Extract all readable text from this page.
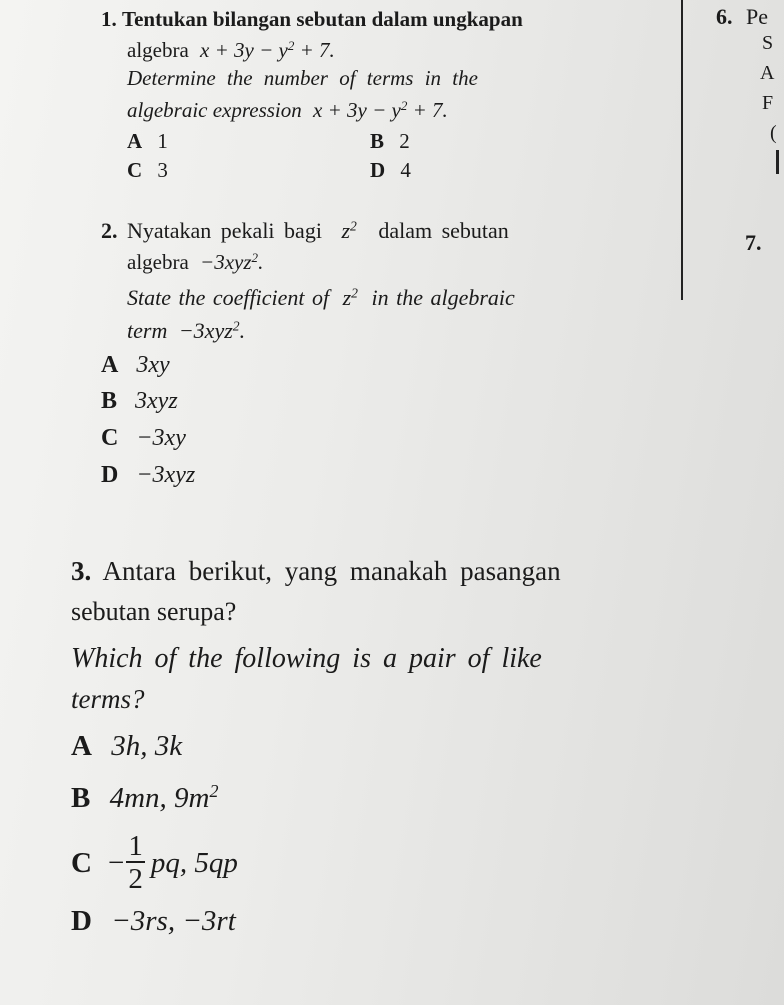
1. Tentukan bilangan sebutan dalam ungkapan
algebra $x + 3y - y^2 + 7$.
Determine the number of terms in the
algebraic expression $x + 3y - y^2 + 7$.
A 1	B 2
C 3	D 4
2. Nyatakan pekali bagi $z^2$ dalam sebutan
algebra −3xyz$^2$.
State the coefficient of $z^2$ in the algebraic
term −3xyz$^2$.
A 3xy
B 3xyz
C −3xy
D −3xyz
3. Antara berikut, yang manakah pasangan
sebutan serupa?
Which of the following is a pair of like
terms?
A 3h, 3k
B 4mn, $9m^2$
$C - \frac{1}{2}$ pq, 5qp
D −3rs, −3rt
6. Pe
S
A
F
(
7.
